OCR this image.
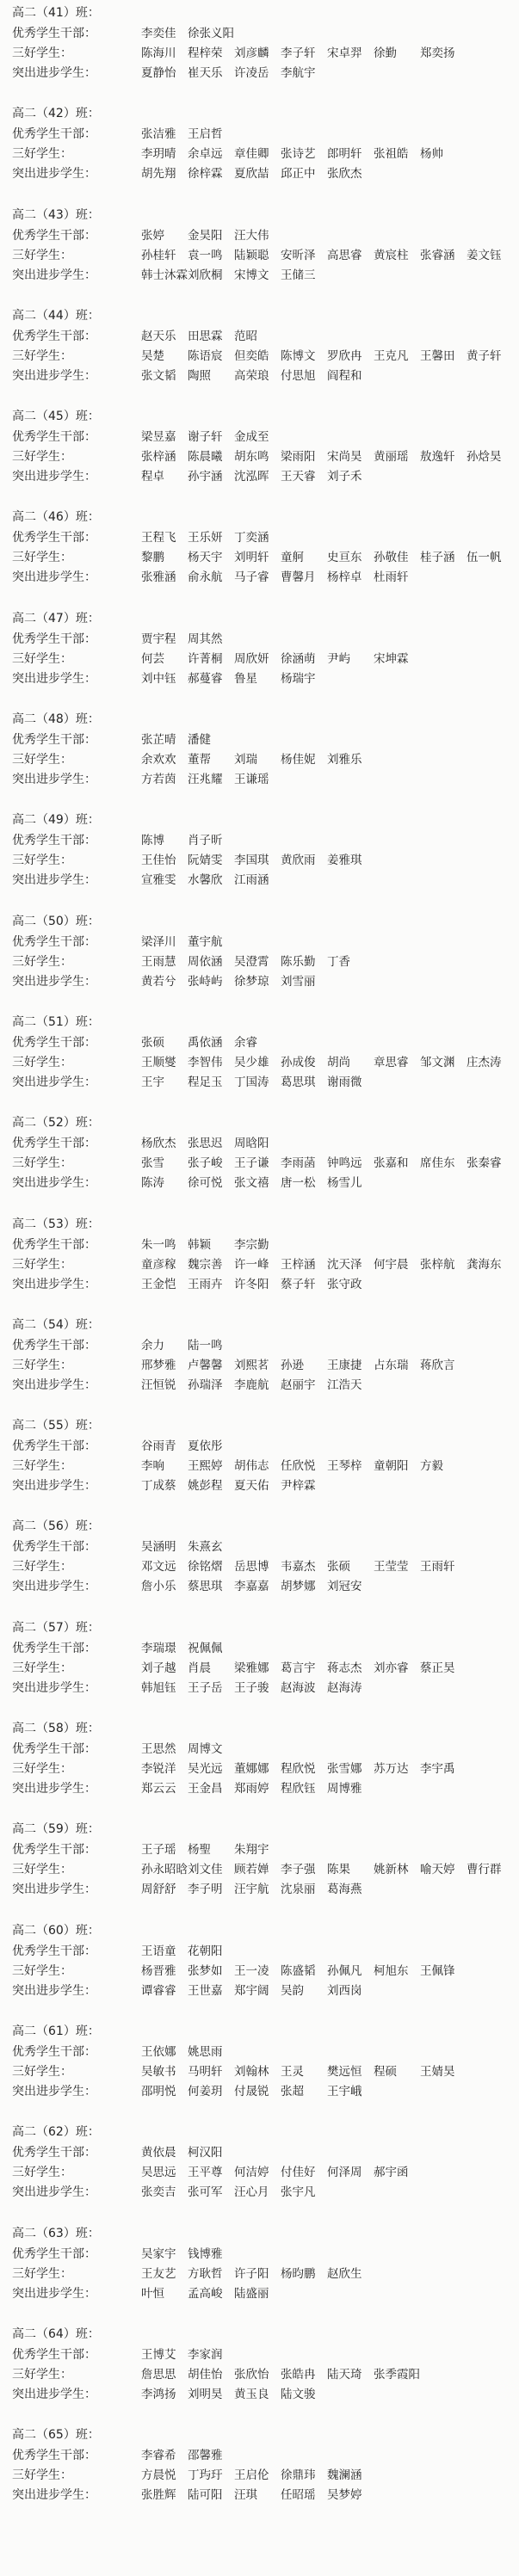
高二（41）班：
优秀学生干部：	李奕佳 徐张义阳
三好学生：	陈海川 程梓荣 刘彦麟 李子轩 宋卓羿 徐勤 郑奕扬
突出进步学生：	夏静怡 崔天乐 许凌岳 李航宇
高二（42）班：
优秀学生干部：	张洁雅 王启哲
三好学生：	李玥晴 余卓远 章佳卿 张诗艺 郎明轩 张祖皓 杨帅
突出进步学生：	胡先翔 徐梓霖 夏欣喆 邱正中 张欣杰
高二（43）班：
优秀学生干部：	张婷 金昊阳 汪大伟
三好学生：	孙桂轩 袁一鸣 陆颖聪 安昕泽 高思睿 黄宸柱 张睿涵 姜文钰
突出进步学生：	韩士沐霖刘欣桐 宋博文 王储三
高二（44）班：
优秀学生干部：	赵天乐 田思霖 范昭
三好学生：	吴楚 陈语宸 但奕皓 陈博文 罗欣冉 王克凡 王馨田 黄子轩
突出进步学生：	张文韬 陶照 高荣琅 付思旭 阎程和
高二（45）班：
优秀学生干部：	梁昱嘉 谢子轩 金成至
三好学生：	张梓涵 陈晨曦 胡东鸣 梁雨阳 宋尚昊 黄丽瑶 敖逸轩 孙焓昊
突出进步学生：	程卓 孙宇涵 沈泓晖 王天睿 刘子禾
高二（46）班：
优秀学生干部：	王程飞 王乐妍 丁奕涵
三好学生：	黎鹏 杨天宇 刘明轩 童舸 史亘东 孙敬佳 桂子涵 伍一帆
突出进步学生：	张雅涵 俞永航 马子睿 曹馨月 杨梓卓 杜雨轩
高二（47）班：
优秀学生干部：	贾宇程 周其然
三好学生：	何芸 许菁桐 周欣妍 徐涵萌 尹屿 宋坤霖
突出进步学生：	刘中钰 郝蔓睿 鲁星 杨瑞宇
高二（48）班：
优秀学生干部：	张芷晴 潘健
三好学生：	余欢欢 董帮 刘瑞 杨佳妮 刘雅乐
突出进步学生：	方若茵 汪兆耀 王谦瑶
高二（49）班：
优秀学生干部：	陈博 肖子昕
三好学生：	王佳怡 阮婧雯 李国琪 黄欣雨 姜雅琪
突出进步学生：	宣雅雯 水馨欣 江雨涵
高二（50）班：
优秀学生干部：	梁泽川 董宇航
三好学生：	王雨慧 周依涵 吴澄霄 陈乐勤 丁香
突出进步学生：	黄若兮 张峙屿 徐梦琼 刘雪丽
高二（51）班：
优秀学生干部：	张硕 禹依涵 余睿
三好学生：	王顺燮 李智伟 吴少雄 孙成俊 胡尚 章思睿 邹文渊 庄杰涛
突出进步学生：	王宇 程足玉 丁国涛 葛思琪 谢雨微
高二（52）班：
优秀学生干部：	杨欣杰 张思迟 周晗阳
三好学生：	张雪 张子峻 王子谦 李雨菡 钟鸣远 张嘉和 席佳东 张秦睿
突出进步学生：	陈涛 徐可悦 张文禧 唐一松 杨雪儿
高二（53）班：
优秀学生干部：	朱一鸣 韩颖 李宗勤
三好学生：	童彦稼 魏宗善 许一峰 王梓涵 沈天泽 何宇晨 张梓航 龚海东
突出进步学生：	王金恺 王雨卉 许冬阳 蔡子轩 张守政
高二（54）班：
优秀学生干部：	余力 陆一鸣
三好学生：	邢梦雅 卢馨馨 刘熙茗 孙逊 王康捷 占东瑞 蒋欣言
突出进步学生：	汪恒锐 孙瑞泽 李鹿航 赵丽宇 江浩天
高二（55）班：
优秀学生干部：	谷雨青 夏依彤
三好学生：	李响 王熙婷 胡伟志 任欣悦 王琴梓 童朝阳 方毅
突出进步学生：	丁成蔡 姚彭程 夏天佑 尹梓霖
高二（56）班：
优秀学生干部：	吴涵明 朱熹玄
三好学生：	邓文远 徐铭熠 岳思博 韦嘉杰 张硕 王莹莹 王雨轩
突出进步学生：	詹小乐 蔡思琪 李嘉嘉 胡梦娜 刘冠安
高二（57）班：
优秀学生干部：	李瑞璟 祝佩佩
三好学生：	刘子越 肖晨 梁雅娜 葛言宇 蒋志杰 刘亦睿 蔡正昊
突出进步学生：	韩旭钰 王子岳 王子骏 赵海波 赵海涛
高二（58）班：
优秀学生干部：	王思然 周博文
三好学生：	李锐洋 吴光远 董娜娜 程欣悦 张雪娜 苏万达 李宇禹
突出进步学生：	郑云云 王金昌 郑雨婷 程欣钰 周博雅
高二（59）班：
优秀学生干部：	王子瑶 杨聖 朱翔宇
三好学生：	孙永昭晗刘文佳 顾若婵 李子强 陈果 姚新林 喻天婷 曹行群
突出进步学生：	周舒舒 李子明 汪宇航 沈泉丽 葛海燕
高二（60）班：
优秀学生干部：	王语童 花朝阳
三好学生：	杨晋雅 张梦如 王一凌 陈盛韬 孙佩凡 柯旭东 王佩锋
突出进步学生：	谭睿睿 王世嘉 郑宇阔 吴韵 刘西岗
高二（61）班：
优秀学生干部：	王依娜 姚思雨
三好学生：	吴敏书 马明轩 刘翰林 王灵 樊远恒 程硕 王婧昊
突出进步学生：	邵明悦 何姜玥 付晟锐 张超 王宇峨
高二（62）班：
优秀学生干部：	黄依晨 柯汉阳
三好学生：	吴思远 王平尊 何洁婷 付佳好 何泽周 郝宇函
突出进步学生：	张奕吉 张可军 汪心月 张宇凡
高二（63）班：
优秀学生干部：	吴家宇 钱博雅
三好学生：	王友艺 方耿哲 许子阳 杨昀鹏 赵欣生
突出进步学生：	叶恒 孟高峻 陆盛丽
高二（64）班：
优秀学生干部：	王博艾 李家润
三好学生：	詹思思 胡佳怡 张欣怡 张皓冉 陆天琦 张季霞阳
突出进步学生：	李鸿扬 刘明昊 黄玉良 陆文骏
高二（65）班：
优秀学生干部：	李睿希 邵馨雅
三好学生：	方晨悦 丁玙玗 王启伦 徐鼎玮 魏澜涵
突出进步学生：	张胜辉 陆可阳 汪琪 任昭瑶 吴梦婷
